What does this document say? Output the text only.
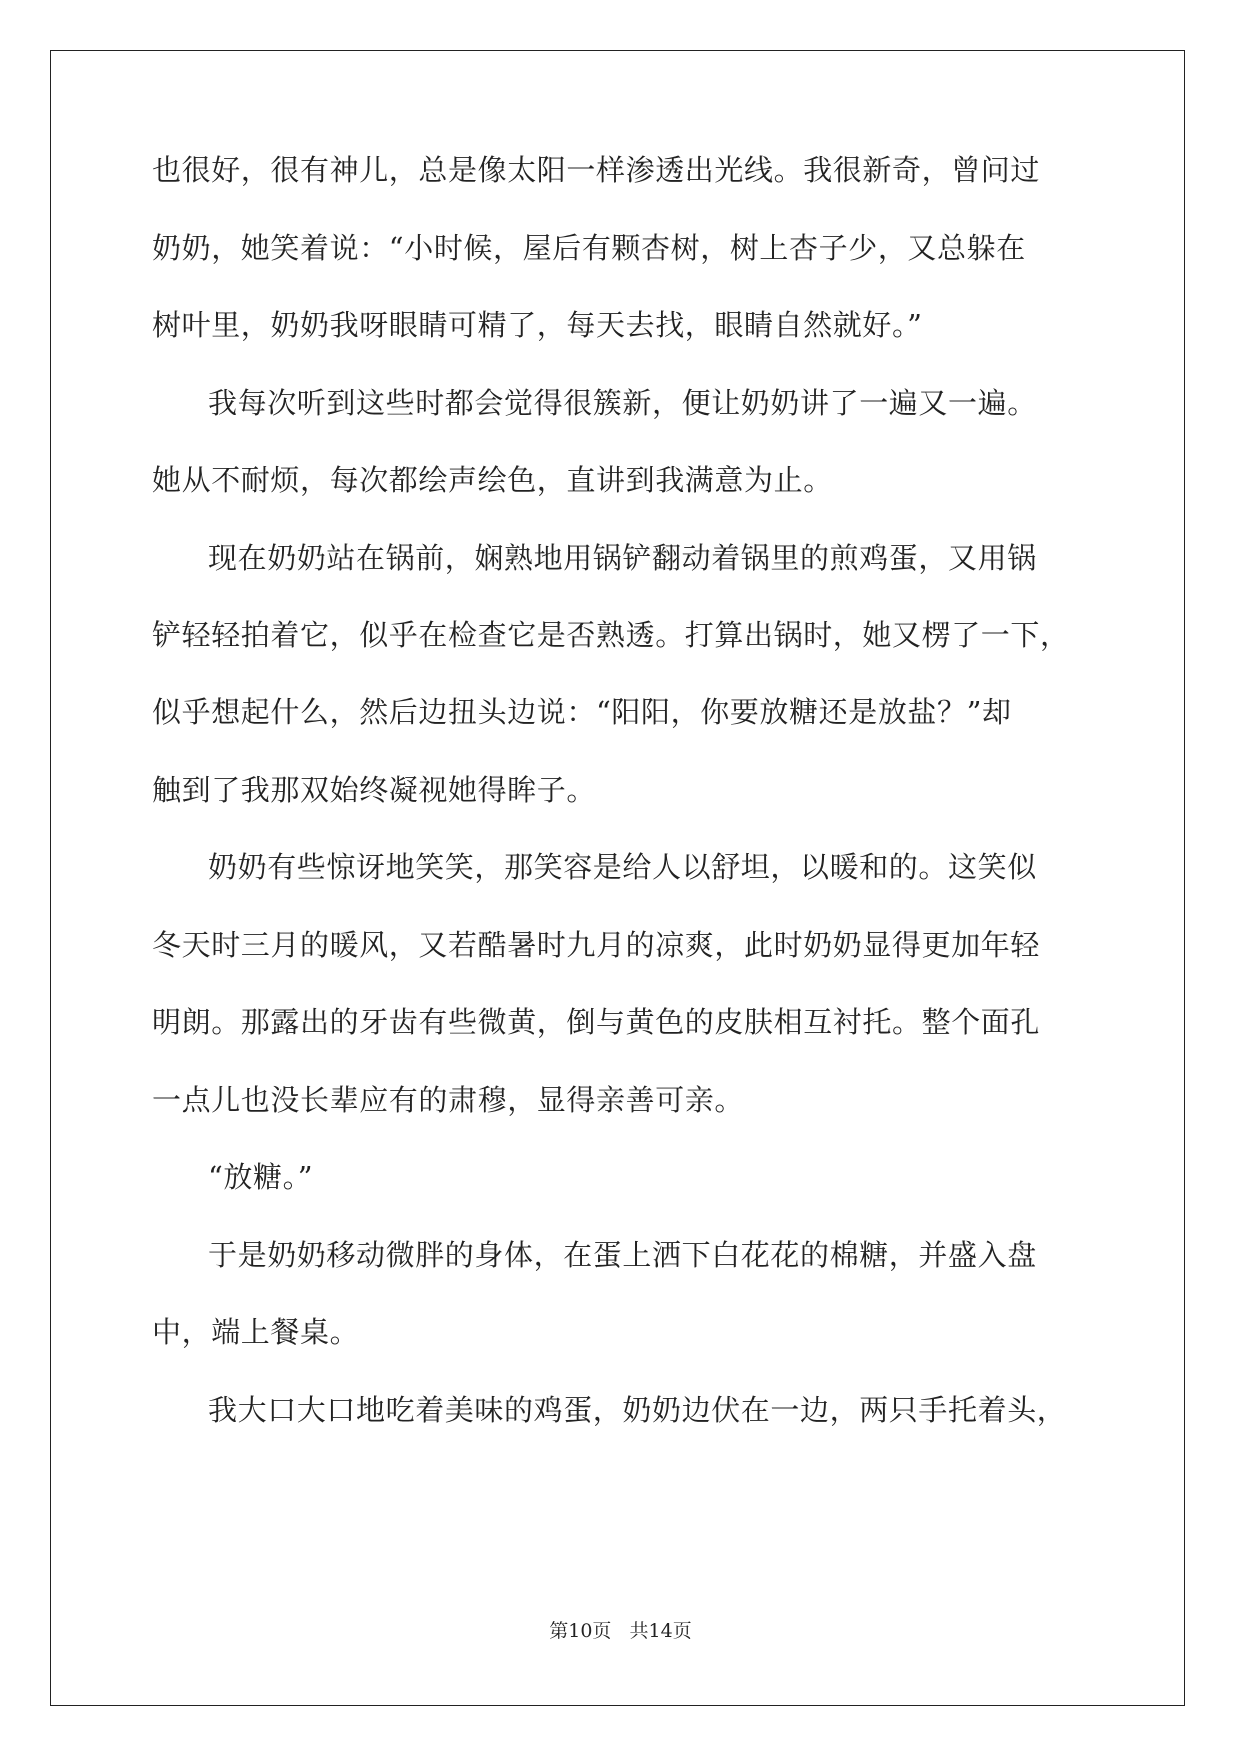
也很好，很有神儿，总是像太阳一样渗透出光线。我很新奇，曾问过
奶奶，她笑着说：“小时候，屋后有颗杏树，树上杏子少，又总躲在
树叶里，奶奶我呀眼睛可精了，每天去找，眼睛自然就好。”
我每次听到这些时都会觉得很簇新，便让奶奶讲了一遍又一遍。
她从不耐烦，每次都绘声绘色，直讲到我满意为止。
现在奶奶站在锅前，娴熟地用锅铲翻动着锅里的煎鸡蛋，又用锅
铲轻轻拍着它，似乎在检查它是否熟透。打算出锅时，她又楞了一下，
似乎想起什么，然后边扭头边说：“阳阳，你要放糖还是放盐？”却
触到了我那双始终凝视她得眸子。
奶奶有些惊讶地笑笑，那笑容是给人以舒坦，以暖和的。这笑似
冬天时三月的暖风，又若酷暑时九月的凉爽，此时奶奶显得更加年轻
明朗。那露出的牙齿有些微黄，倒与黄色的皮肤相互衬托。整个面孔
一点儿也没长辈应有的肃穆，显得亲善可亲。
“放糖。”
于是奶奶移动微胖的身体，在蛋上洒下白花花的棉糖，并盛入盘
中，端上餐桌。
我大口大口地吃着美味的鸡蛋，奶奶边伏在一边，两只手托着头，
第10页   共14页
